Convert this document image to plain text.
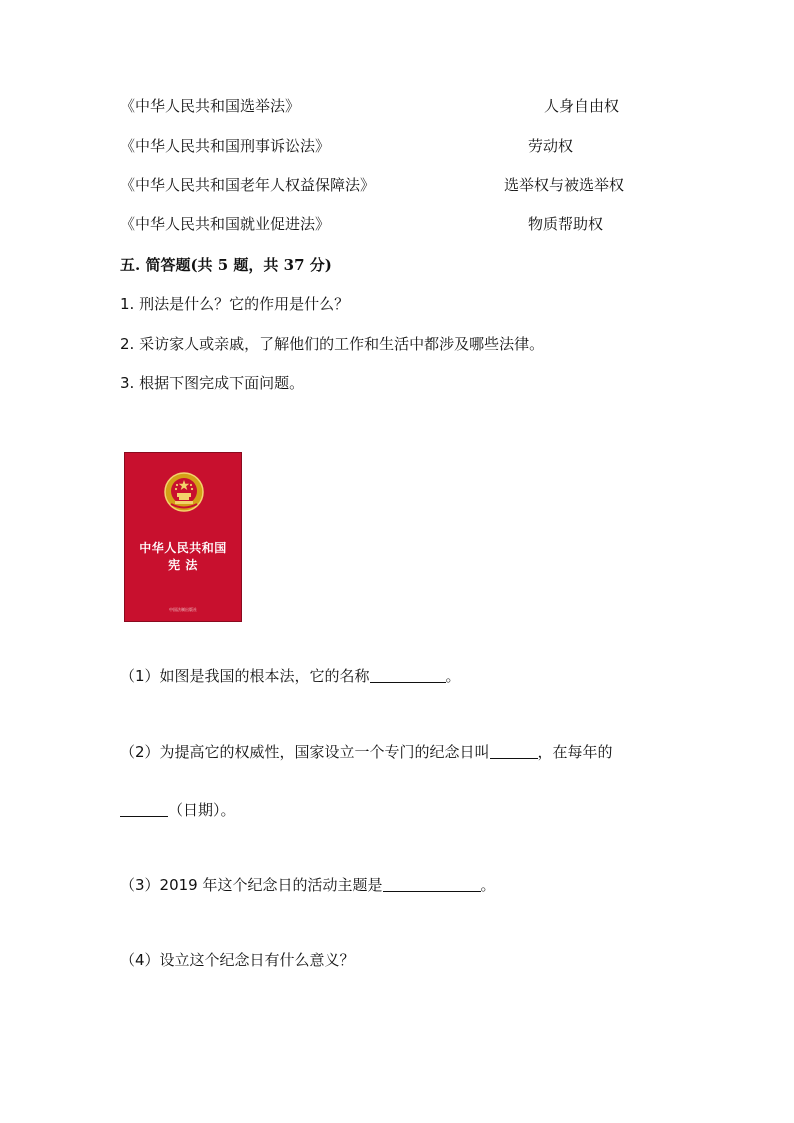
《中华人民共和国选举法》	人身自由权
《中华人民共和国刑事诉讼法》	劳动权
《中华人民共和国老年人权益保障法》	选举权与被选举权
《中华人民共和国就业促进法》	物质帮助权
五. 简答题(共 5 题，共 37 分)
1. 刑法是什么？它的作用是什么？
2. 采访家人或亲戚，了解他们的工作和生活中都涉及哪些法律。
3. 根据下图完成下面问题。
中华人民共和国
宪 法
中国法制出版社
（1）如图是我国的根本法，它的名称	。
（2）为提高它的权威性，国家设立一个专门的纪念日叫	，在每年的
（日期）。
（3）2019 年这个纪念日的活动主题是	。
（4）设立这个纪念日有什么意义？
